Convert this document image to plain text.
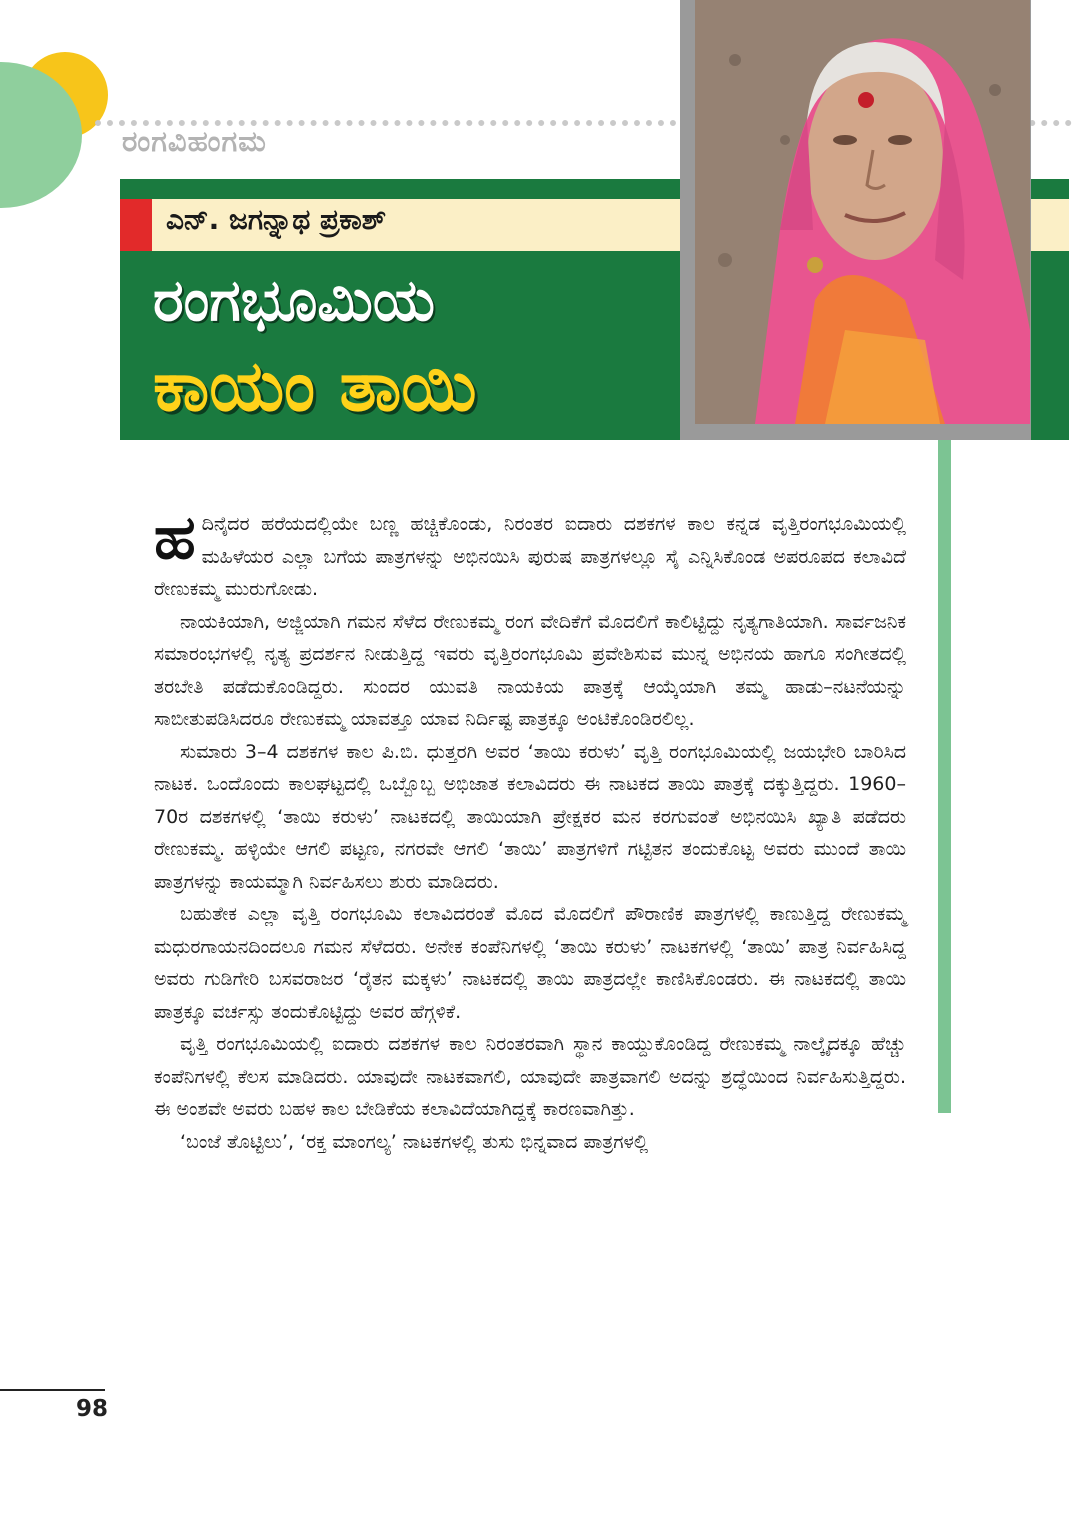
ರಂಗವಿಹಂಗಮ
ಎನ್‌. ಜಗನ್ನಾಥ ಪ್ರಕಾಶ್‌
ರಂಗಭೂಮಿಯ
ಕಾಯಂ ತಾಯಿ

ಹದಿನೈದರ ಹರೆಯದಲ್ಲಿಯೇ ಬಣ್ಣ ಹಚ್ಚಿಕೊಂಡು, ನಿರಂತರ ಐದಾರು ದಶಕಗಳ ಕಾಲ ಕನ್ನಡ ವೃತ್ತಿರಂಗಭೂಮಿಯಲ್ಲಿ ಮಹಿಳೆಯರ ಎಲ್ಲಾ ಬಗೆಯ ಪಾತ್ರಗಳನ್ನು ಅಭಿನಯಿಸಿ ಪುರುಷ ಪಾತ್ರಗಳಲ್ಲೂ ಸೈ ಎನ್ನಿಸಿಕೊಂಡ ಅಪರೂಪದ ಕಲಾವಿದೆ ರೇಣುಕಮ್ಮ ಮುರುಗೋಡು.

ನಾಯಕಿಯಾಗಿ, ಅಜ್ಜಿಯಾಗಿ ಗಮನ ಸೆಳೆದ ರೇಣುಕಮ್ಮ ರಂಗ ವೇದಿಕೆಗೆ ಮೊದಲಿಗೆ ಕಾಲಿಟ್ಟಿದ್ದು ನೃತ್ಯಗಾತಿಯಾಗಿ. ಸಾರ್ವಜನಿಕ ಸಮಾರಂಭಗಳಲ್ಲಿ ನೃತ್ಯ ಪ್ರದರ್ಶನ ನೀಡುತ್ತಿದ್ದ ಇವರು ವೃತ್ತಿರಂಗಭೂಮಿ ಪ್ರವೇಶಿಸುವ ಮುನ್ನ ಅಭಿನಯ ಹಾಗೂ ಸಂಗೀತದಲ್ಲಿ ತರಬೇತಿ ಪಡೆದುಕೊಂಡಿದ್ದರು. ಸುಂದರ ಯುವತಿ ನಾಯಕಿಯ ಪಾತ್ರಕ್ಕೆ ಆಯ್ಕೆಯಾಗಿ ತಮ್ಮ ಹಾಡು–ನಟನೆಯನ್ನು ಸಾಬೀತುಪಡಿಸಿದರೂ ರೇಣುಕಮ್ಮ ಯಾವತ್ತೂ ಯಾವ ನಿರ್ದಿಷ್ಟ ಪಾತ್ರಕ್ಕೂ ಅಂಟಿಕೊಂಡಿರಲಿಲ್ಲ.

ಸುಮಾರು 3–4 ದಶಕಗಳ ಕಾಲ ಪಿ.ಬಿ. ಧುತ್ತರಗಿ ಅವರ ‘ತಾಯಿ ಕರುಳು’ ವೃತ್ತಿ ರಂಗಭೂಮಿಯಲ್ಲಿ ಜಯಭೇರಿ ಬಾರಿಸಿದ ನಾಟಕ. ಒಂದೊಂದು ಕಾಲಘಟ್ಟದಲ್ಲಿ ಒಬ್ಬೊಬ್ಬ ಅಭಿಜಾತ ಕಲಾವಿದರು ಈ ನಾಟಕದ ತಾಯಿ ಪಾತ್ರಕ್ಕೆ ದಕ್ಕುತ್ತಿದ್ದರು. 1960–70ರ ದಶಕಗಳಲ್ಲಿ ‘ತಾಯಿ ಕರುಳು’ ನಾಟಕದಲ್ಲಿ ತಾಯಿಯಾಗಿ ಪ್ರೇಕ್ಷಕರ ಮನ ಕರಗುವಂತೆ ಅಭಿನಯಿಸಿ ಖ್ಯಾತಿ ಪಡೆದರು ರೇಣುಕಮ್ಮ. ಹಳ್ಳಿಯೇ ಆಗಲಿ ಪಟ್ಟಣ, ನಗರವೇ ಆಗಲಿ ‘ತಾಯಿ’ ಪಾತ್ರಗಳಿಗೆ ಗಟ್ಟಿತನ ತಂದುಕೊಟ್ಟ ಅವರು ಮುಂದೆ ತಾಯಿ ಪಾತ್ರಗಳನ್ನು ಕಾಯಮ್ಮಾಗಿ ನಿರ್ವಹಿಸಲು ಶುರು ಮಾಡಿದರು.

ಬಹುತೇಕ ಎಲ್ಲಾ ವೃತ್ತಿ ರಂಗಭೂಮಿ ಕಲಾವಿದರಂತೆ ಮೊದ ಮೊದಲಿಗೆ ಪೌರಾಣಿಕ ಪಾತ್ರಗಳಲ್ಲಿ ಕಾಣುತ್ತಿದ್ದ ರೇಣುಕಮ್ಮ ಮಧುರಗಾಯನದಿಂದಲೂ ಗಮನ ಸೆಳೆದರು. ಅನೇಕ ಕಂಪೆನಿಗಳಲ್ಲಿ ‘ತಾಯಿ ಕರುಳು’ ನಾಟಕಗಳಲ್ಲಿ ‘ತಾಯಿ’ ಪಾತ್ರ ನಿರ್ವಹಿಸಿದ್ದ ಅವರು ಗುಡಿಗೇರಿ ಬಸವರಾಜರ ‘ರೈತನ ಮಕ್ಕಳು’ ನಾಟಕದಲ್ಲಿ ತಾಯಿ ಪಾತ್ರದಲ್ಲೇ ಕಾಣಿಸಿಕೊಂಡರು. ಈ ನಾಟಕದಲ್ಲಿ ತಾಯಿ ಪಾತ್ರಕ್ಕೂ ವರ್ಚಸ್ಸು ತಂದುಕೊಟ್ಟಿದ್ದು ಅವರ ಹೆಗ್ಗಳಿಕೆ.

ವೃತ್ತಿ ರಂಗಭೂಮಿಯಲ್ಲಿ ಐದಾರು ದಶಕಗಳ ಕಾಲ ನಿರಂತರವಾಗಿ ಸ್ಥಾನ ಕಾಯ್ದುಕೊಂಡಿದ್ದ ರೇಣುಕಮ್ಮ ನಾಲ್ಕೈದಕ್ಕೂ ಹೆಚ್ಚು ಕಂಪೆನಿಗಳಲ್ಲಿ ಕೆಲಸ ಮಾಡಿದರು. ಯಾವುದೇ ನಾಟಕವಾಗಲಿ, ಯಾವುದೇ ಪಾತ್ರವಾಗಲಿ ಅದನ್ನು ಶ್ರದ್ಧೆಯಿಂದ ನಿರ್ವಹಿಸುತ್ತಿದ್ದರು. ಈ ಅಂಶವೇ ಅವರು ಬಹಳ ಕಾಲ ಬೇಡಿಕೆಯ ಕಲಾವಿದೆಯಾಗಿದ್ದಕ್ಕೆ ಕಾರಣವಾಗಿತ್ತು.

‘ಬಂಜೆ ತೊಟ್ಟಿಲು’, ‘ರಕ್ತ ಮಾಂಗಲ್ಯ’ ನಾಟಕಗಳಲ್ಲಿ ತುಸು ಭಿನ್ನವಾದ ಪಾತ್ರಗಳಲ್ಲಿ

98
